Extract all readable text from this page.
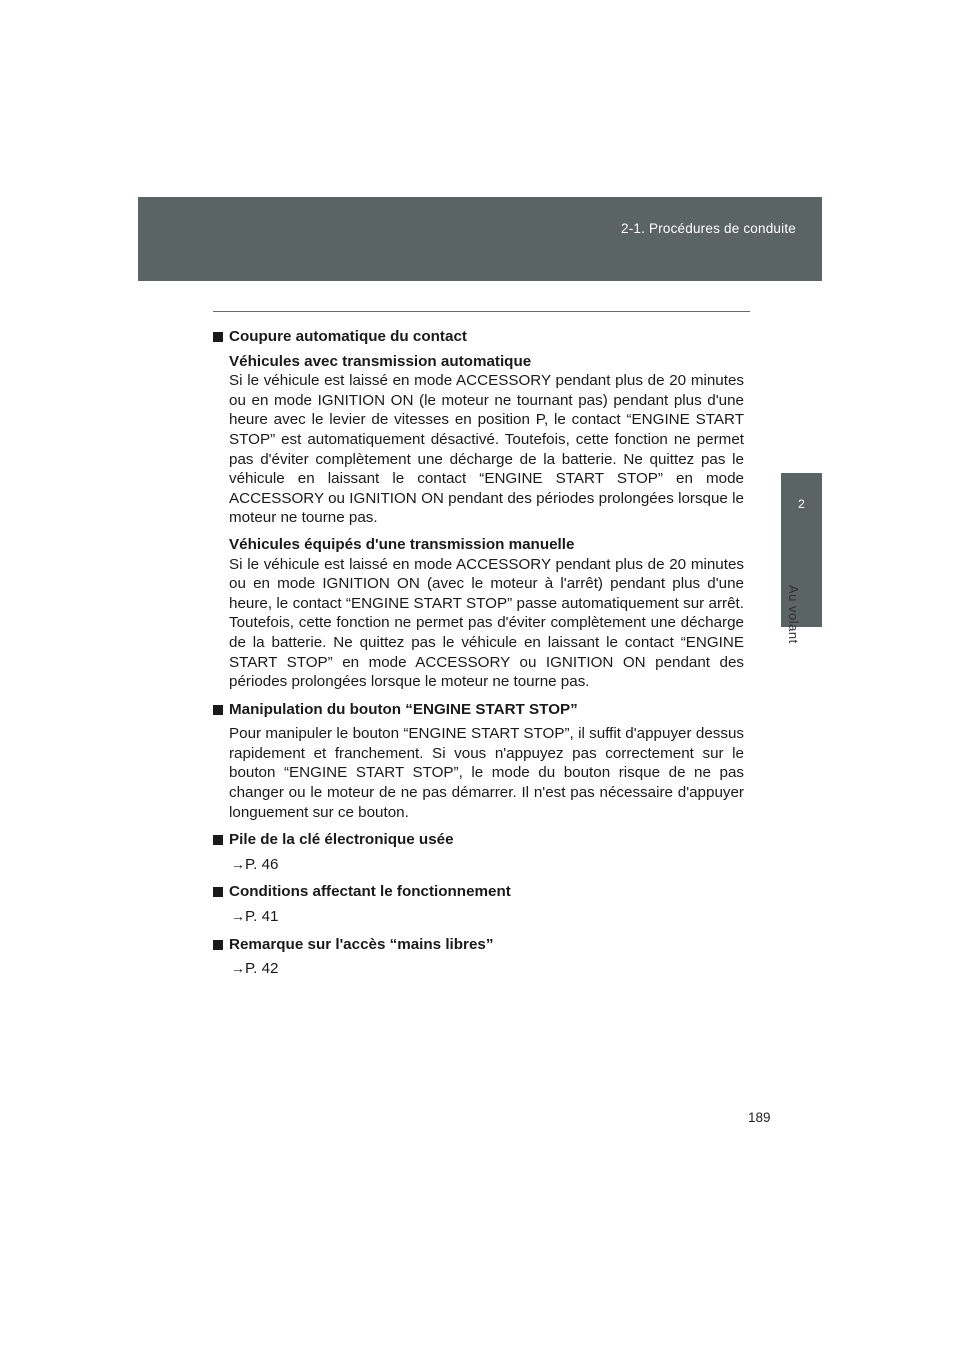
2-1. Procédures de conduite
2
Au volant
Coupure automatique du contact
Véhicules avec transmission automatique
Si le véhicule est laissé en mode ACCESSORY pendant plus de 20 minutes ou en mode IGNITION ON (le moteur ne tournant pas) pendant plus d'une heure avec le levier de vitesses en position P, le contact “ENGINE START STOP” est automatiquement désactivé. Toutefois, cette fonction ne permet pas d'éviter complètement une décharge de la batterie. Ne quittez pas le véhicule en laissant le contact “ENGINE START STOP” en mode ACCESSORY ou IGNITION ON pendant des périodes prolongées lorsque le moteur ne tourne pas.
Véhicules équipés d'une transmission manuelle
Si le véhicule est laissé en mode ACCESSORY pendant plus de 20 minutes ou en mode IGNITION ON (avec le moteur à l'arrêt) pendant plus d'une heure, le contact “ENGINE START STOP” passe automatiquement sur arrêt. Toutefois, cette fonction ne permet pas d'éviter complètement une décharge de la batterie. Ne quittez pas le véhicule en laissant le contact “ENGINE START STOP” en mode ACCESSORY ou IGNITION ON pendant des périodes prolongées lorsque le moteur ne tourne pas.
Manipulation du bouton “ENGINE START STOP”
Pour manipuler le bouton “ENGINE START STOP”, il suffit d'appuyer dessus rapidement et franchement. Si vous n'appuyez pas correctement sur le bouton “ENGINE START STOP”, le mode du bouton risque de ne pas changer ou le moteur de ne pas démarrer. Il n'est pas nécessaire d'appuyer longuement sur ce bouton.
Pile de la clé électronique usée
→P. 46
Conditions affectant le fonctionnement
→P. 41
Remarque sur l'accès “mains libres”
→P. 42
189
